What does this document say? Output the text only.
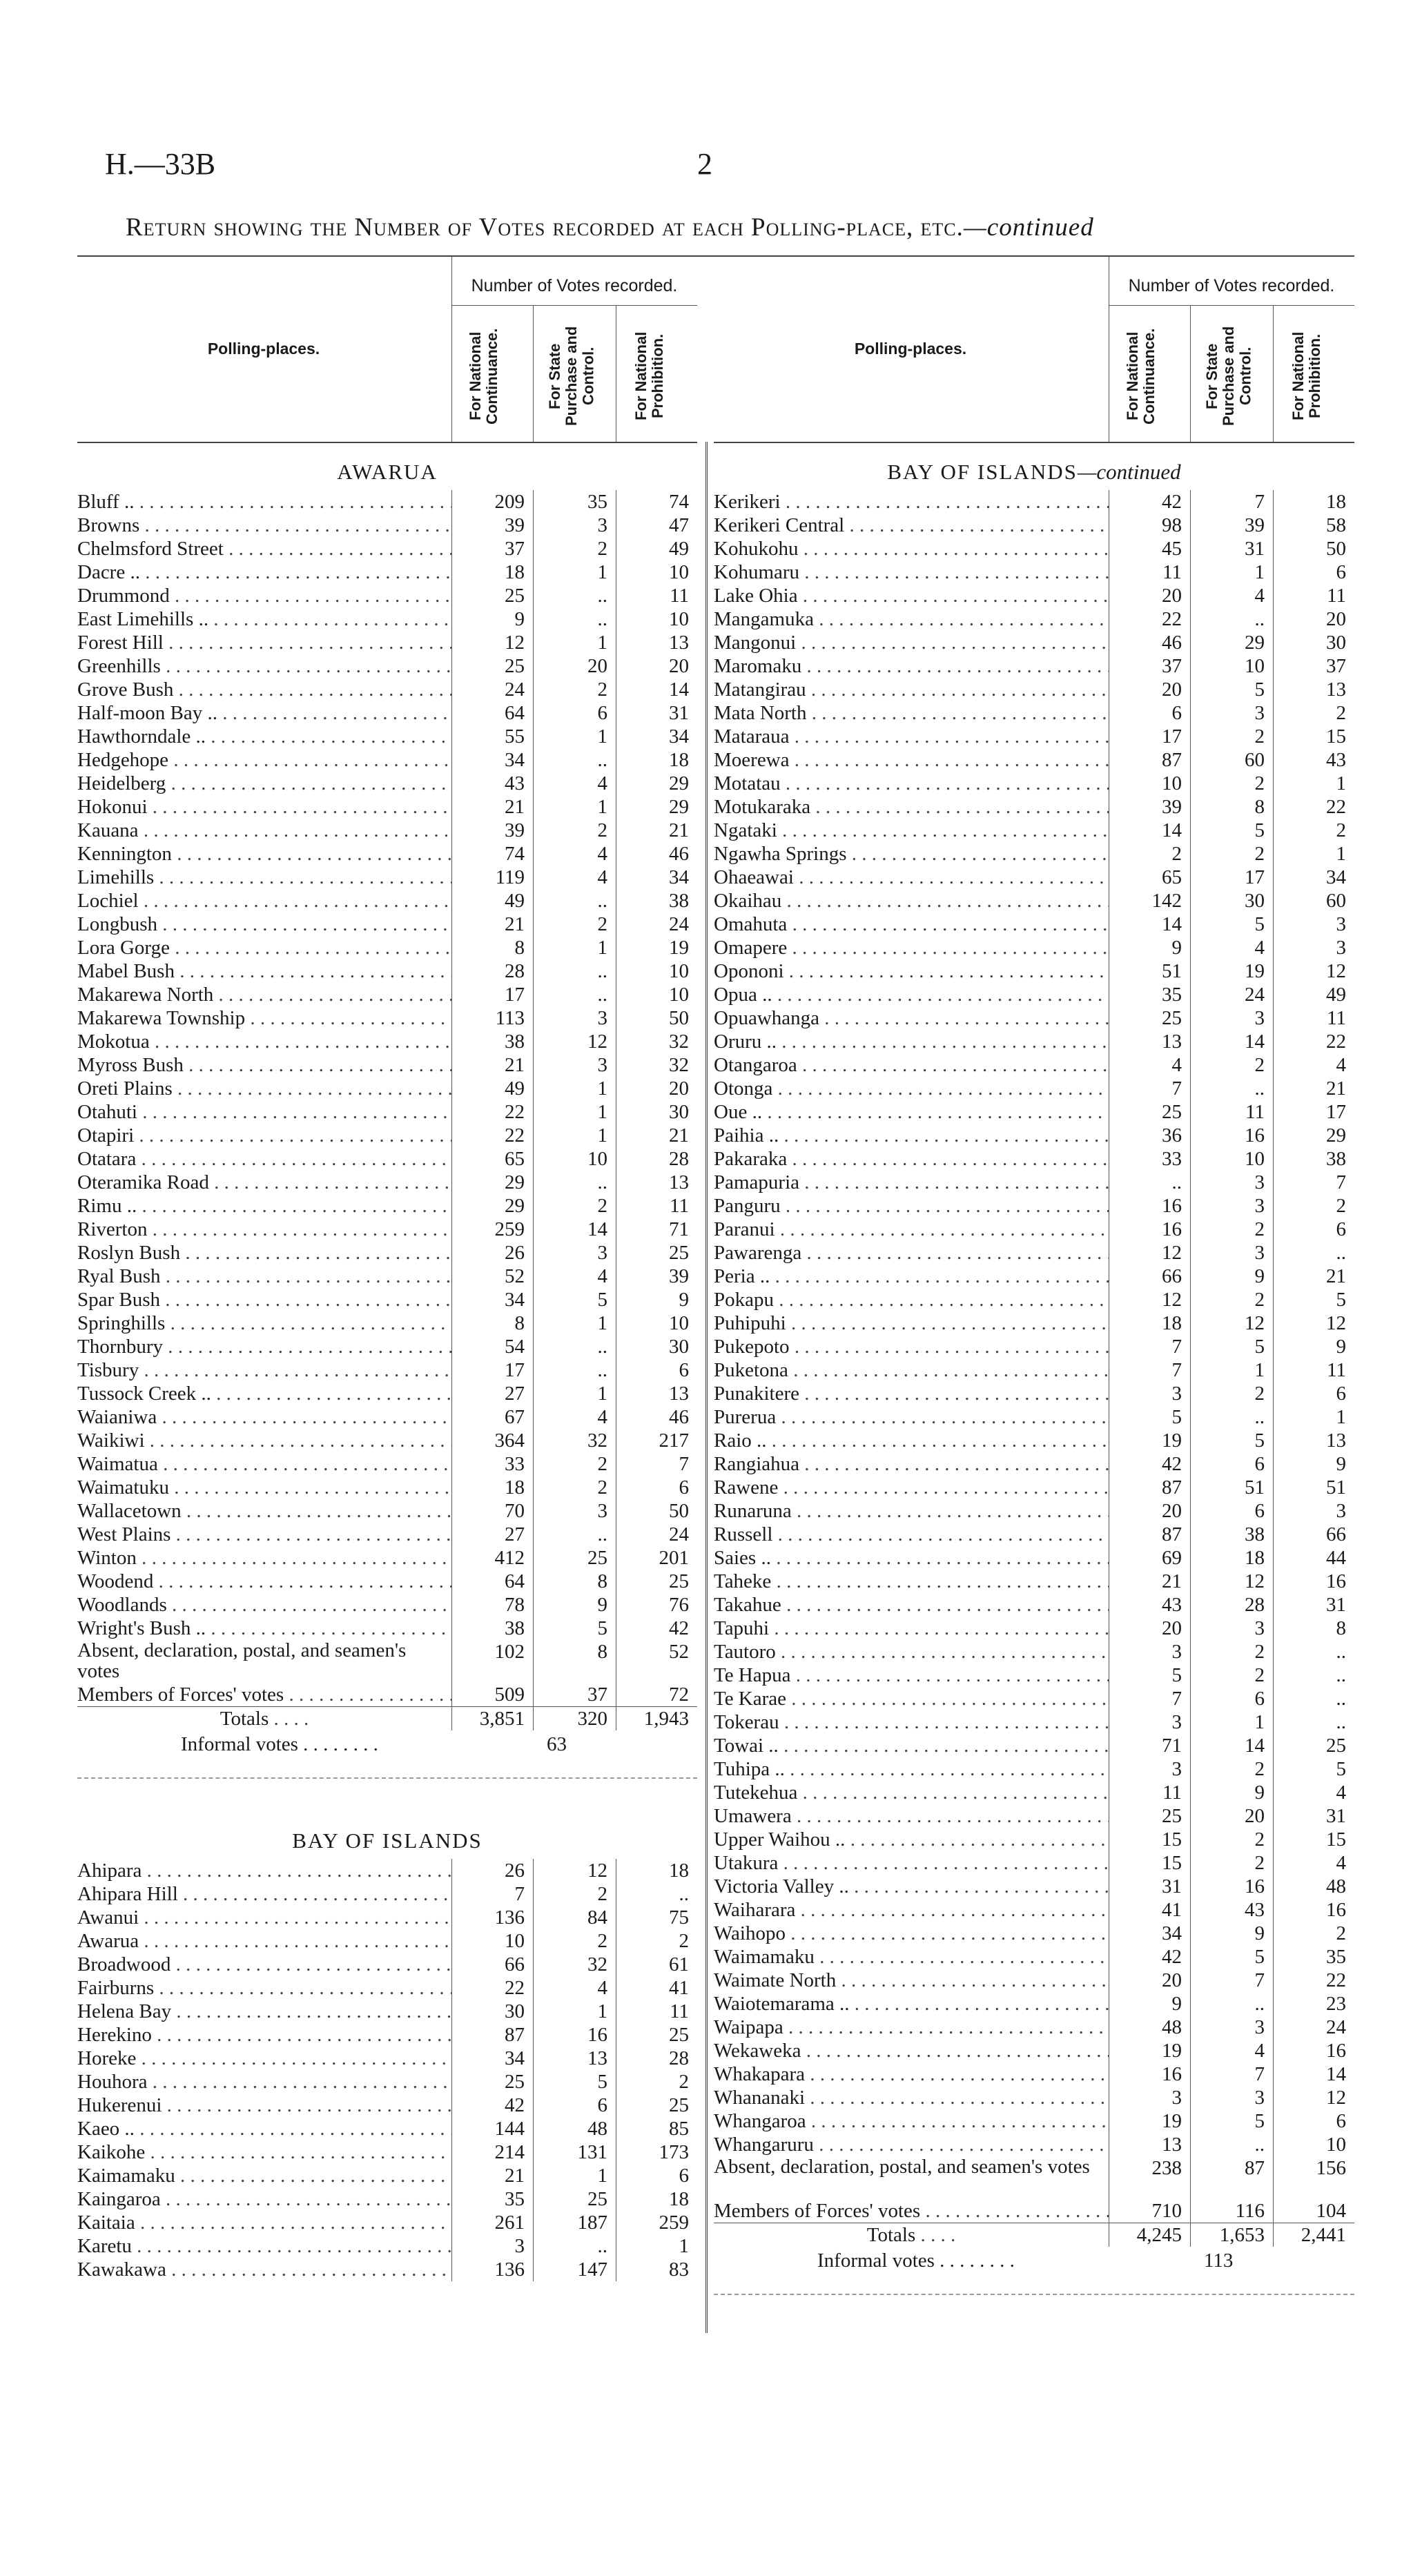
H.—33B	2
Return showing the Number of Votes recorded at each Polling-place, etc.—continued
Polling-places.
Number of Votes recorded.
For National Continuance.	For State Purchase and Control.	For National Prohibition.
AWARUA
Bluff .. . . .	209	35	74
Browns . . .	39	3	47
Chelmsford Street . . .	37	2	49
Dacre .. . . .	18	1	10
Drummond . . .	25	..	11
East Limehills .. . . .	9	..	10
Forest Hill . . .	12	1	13
Greenhills . . .	25	20	20
Grove Bush . . .	24	2	14
Half-moon Bay .. . . .	64	6	31
Hawthorndale .. . . .	55	1	34
Hedgehope . . .	34	..	18
Heidelberg . . .	43	4	29
Hokonui . . .	21	1	29
Kauana . . .	39	2	21
Kennington . . .	74	4	46
Limehills . . .	119	4	34
Lochiel . . .	49	..	38
Longbush . . .	21	2	24
Lora Gorge . . .	8	1	19
Mabel Bush . . .	28	..	10
Makarewa North . . .	17	..	10
Makarewa Township . . .	113	3	50
Mokotua . . .	38	12	32
Myross Bush . . .	21	3	32
Oreti Plains . . .	49	1	20
Otahuti . . .	22	1	30
Otapiri . . .	22	1	21
Otatara . . .	65	10	28
Oteramika Road . . .	29	..	13
Rimu .. . . .	29	2	11
Riverton . . .	259	14	71
Roslyn Bush . . .	26	3	25
Ryal Bush . . .	52	4	39
Spar Bush . . .	34	5	9
Springhills . . .	8	1	10
Thornbury . . .	54	..	30
Tisbury . . .	17	..	6
Tussock Creek .. . . .	27	1	13
Waianiwa . . .	67	4	46
Waikiwi . . .	364	32	217
Waimatua . . .	33	2	7
Waimatuku . . .	18	2	6
Wallacetown . . .	70	3	50
West Plains . . .	27	..	24
Winton . . .	412	25	201
Woodend . . .	64	8	25
Woodlands . . .	78	9	76
Wright's Bush .. . . .	38	5	42
Absent, declaration, postal, and seamen's votes
102	8	52
Members of Forces' votes . . .	509	37	72
Totals . . . .	3,851	320	1,943
Informal votes . . . . . . . .	63
BAY OF ISLANDS
Ahipara . . .	26	12	18
Ahipara Hill . . .	7	2	..
Awanui . . .	136	84	75
Awarua . . .	10	2	2
Broadwood . . .	66	32	61
Fairburns . . .	22	4	41
Helena Bay . . .	30	1	11
Herekino . . .	87	16	25
Horeke . . .	34	13	28
Houhora . . .	25	5	2
Hukerenui . . .	42	6	25
Kaeo .. . . .	144	48	85
Kaikohe . . .	214	131	173
Kaimamaku . . .	21	1	6
Kaingaroa . . .	35	25	18
Kaitaia . . .	261	187	259
Karetu . . .	3	..	1
Kawakawa . . .	136	147	83
Polling-places.
Number of Votes recorded.
For National Continuance.	For State Purchase and Control.	For National Prohibition.
BAY OF ISLANDS—continued
Kerikeri . . .	42	7	18
Kerikeri Central . . .	98	39	58
Kohukohu . . .	45	31	50
Kohumaru . . .	11	1	6
Lake Ohia . . .	20	4	11
Mangamuka . . .	22	..	20
Mangonui . . .	46	29	30
Maromaku . . .	37	10	37
Matangirau . . .	20	5	13
Mata North . . .	6	3	2
Mataraua . . .	17	2	15
Moerewa . . .	87	60	43
Motatau . . .	10	2	1
Motukaraka . . .	39	8	22
Ngataki . . .	14	5	2
Ngawha Springs . . .	2	2	1
Ohaeawai . . .	65	17	34
Okaihau . . .	142	30	60
Omahuta . . .	14	5	3
Omapere . . .	9	4	3
Opononi . . .	51	19	12
Opua .. . . .	35	24	49
Opuawhanga . . .	25	3	11
Oruru .. . . .	13	14	22
Otangaroa . . .	4	2	4
Otonga . . .	7	..	21
Oue .. . . .	25	11	17
Paihia .. . . .	36	16	29
Pakaraka . . .	33	10	38
Pamapuria . . .	..	3	7
Panguru . . .	16	3	2
Paranui . . .	16	2	6
Pawarenga . . .	12	3	..
Peria .. . . .	66	9	21
Pokapu . . .	12	2	5
Puhipuhi . . .	18	12	12
Pukepoto . . .	7	5	9
Puketona . . .	7	1	11
Punakitere . . .	3	2	6
Pureruа . . .	5	..	1
Raio .. . . .	19	5	13
Rangiahua . . .	42	6	9
Rawene . . .	87	51	51
Runaruna . . .	20	6	3
Russell . . .	87	38	66
Saies .. . . .	69	18	44
Taheke . . .	21	12	16
Takahue . . .	43	28	31
Tapuhi . . .	20	3	8
Tautoro . . .	3	2	..
Te Hapua . . .	5	2	..
Te Karae . . .	7	6	..
Tokerau . . .	3	1	..
Towai .. . . .	71	14	25
Tuhipa .. . . .	3	2	5
Tutekehua . . .	11	9	4
Umawera . . .	25	20	31
Upper Waihou .. . . .	15	2	15
Utakura . . .	15	2	4
Victoria Valley .. . . .	31	16	48
Waiharara . . .	41	43	16
Waihopo . . .	34	9	2
Waimamaku . . .	42	5	35
Waimate North . . .	20	7	22
Waiotemarama .. . . .	9	..	23
Waipapa . . .	48	3	24
Wekaweka . . .	19	4	16
Whakapara . . .	16	7	14
Whananaki . . .	3	3	12
Whangaroa . . .	19	5	6
Whangaruru . . .	13	..	10
Absent, declaration, postal, and seamen's votes	238	87	156
Members of Forces' votes . . .	710	116	104
Totals . . . .	4,245	1,653	2,441
Informal votes . . . . . . . .	113
